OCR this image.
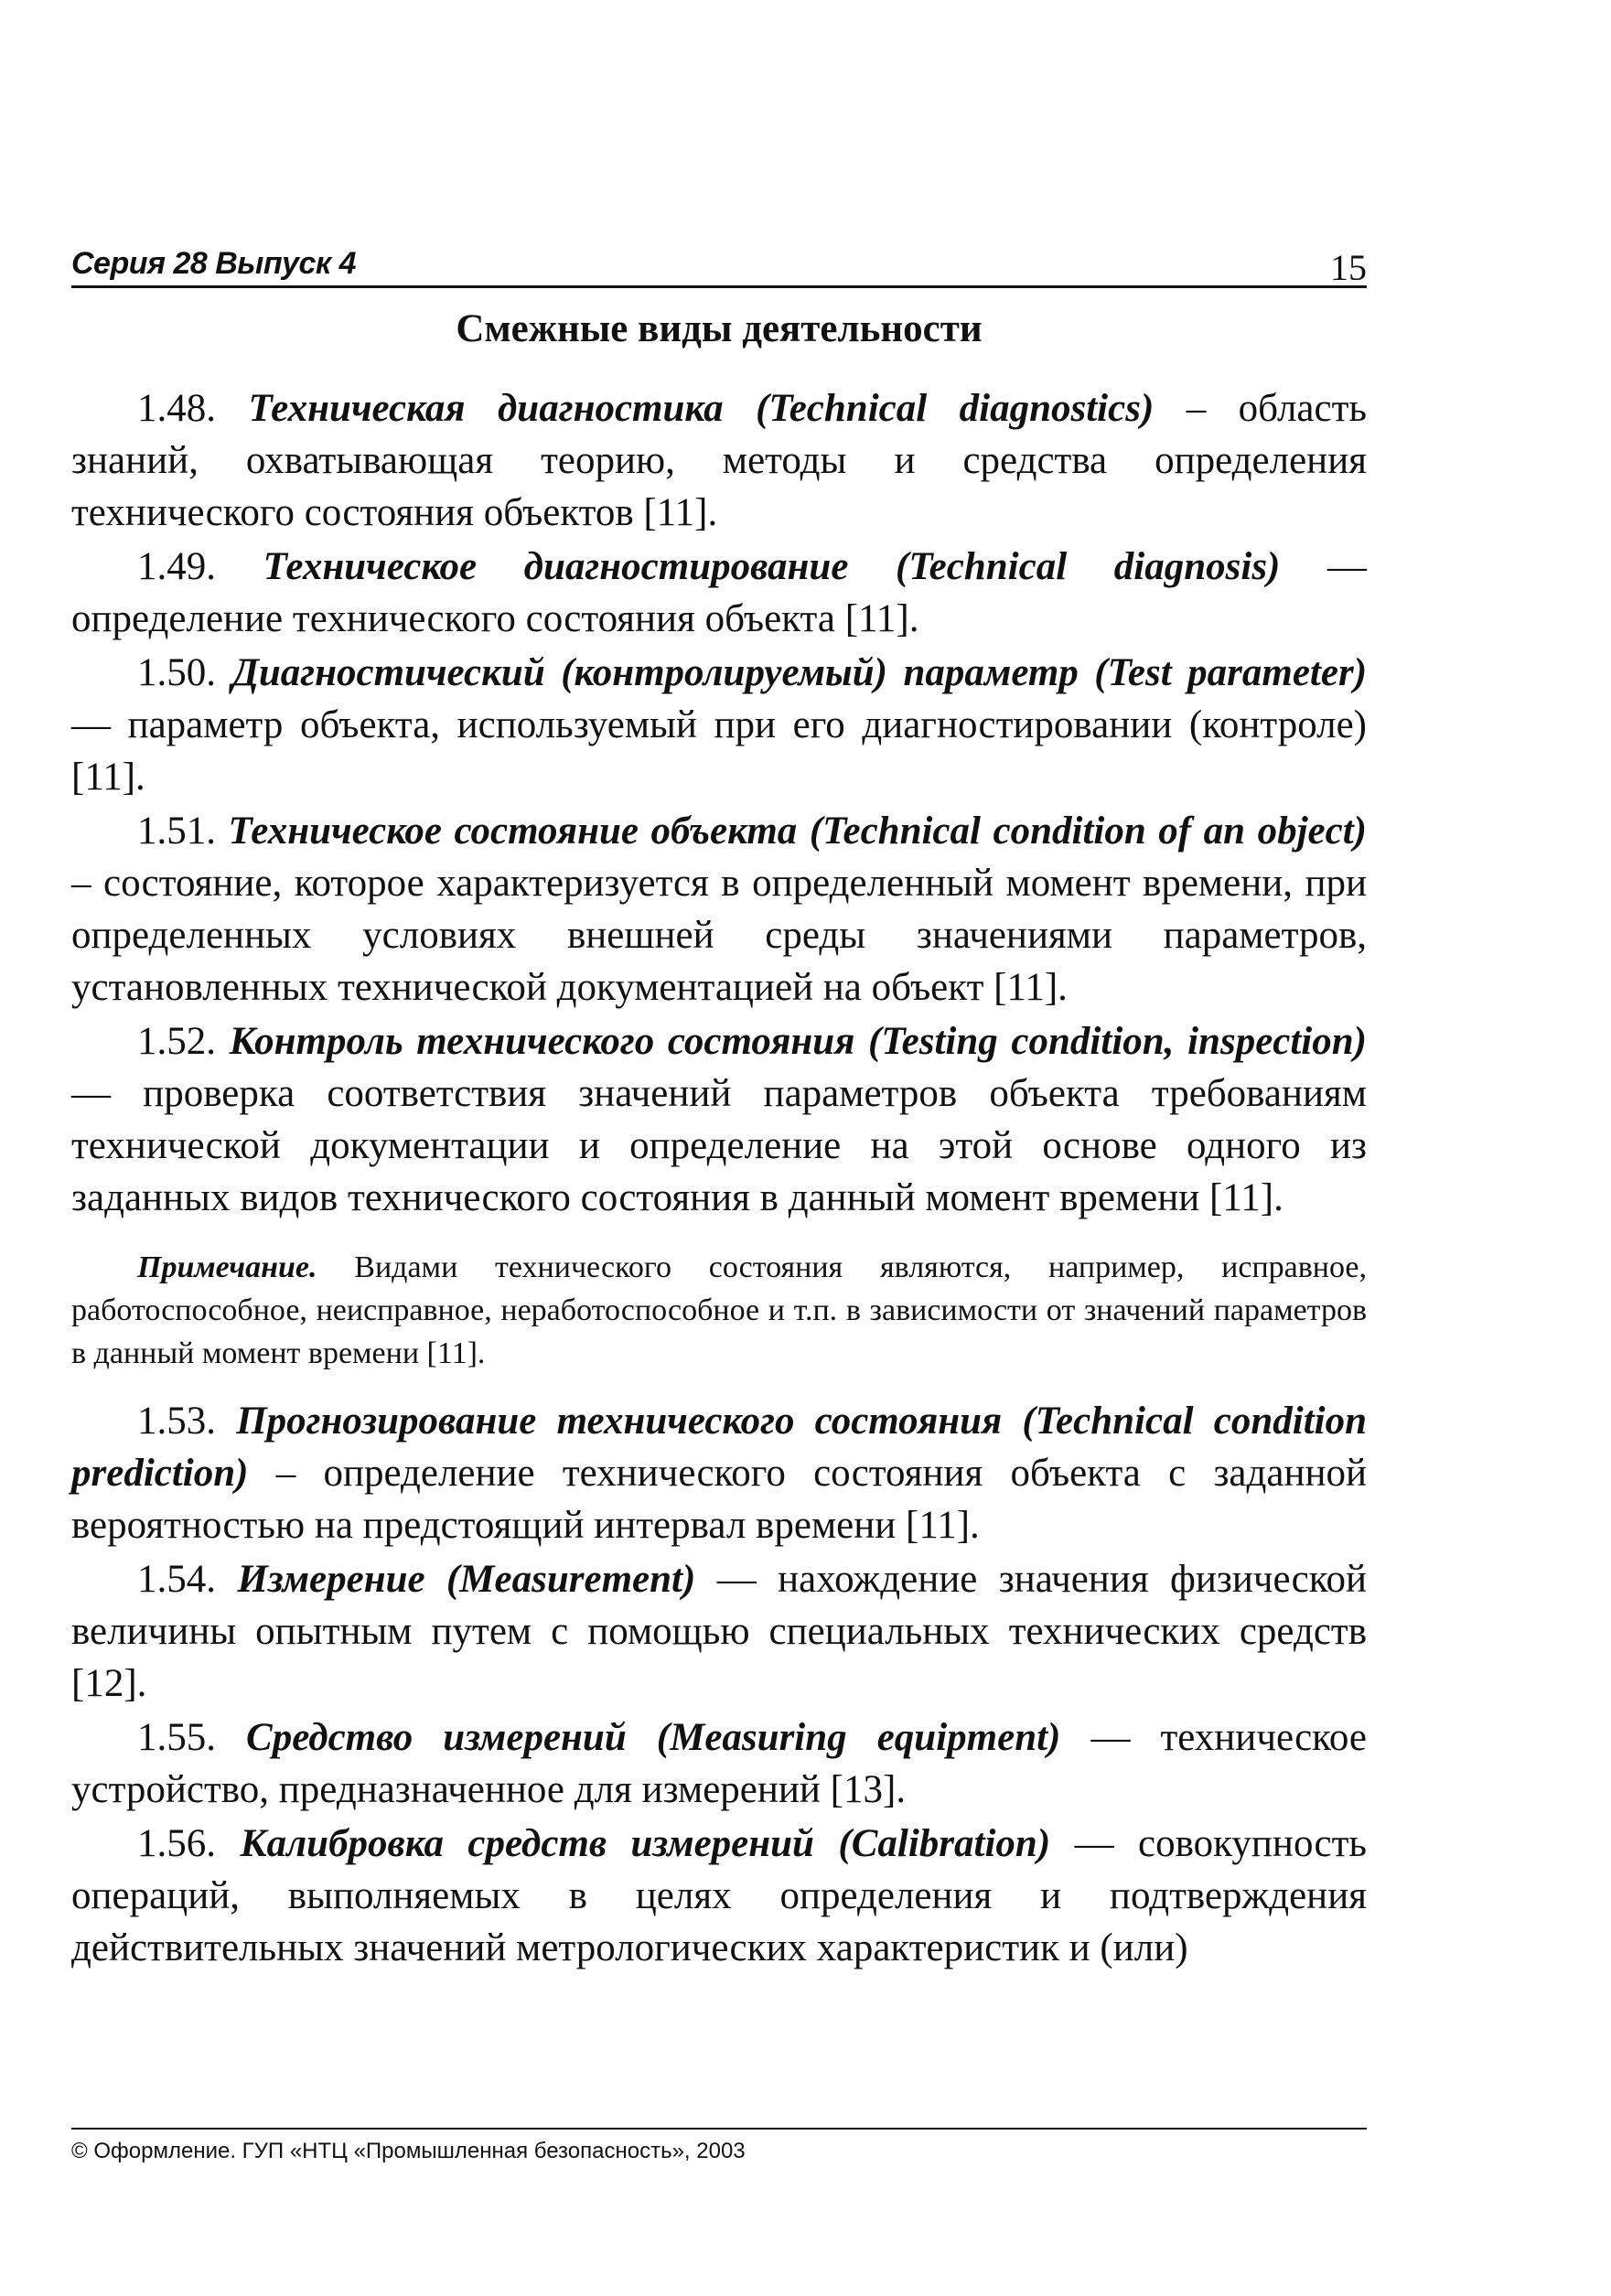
Серия 28 Выпуск 4	15
Смежные виды деятельности

1.48. Техническая диагностика (Technical diagnostics) – область знаний, охватывающая теорию, методы и средства определения технического состояния объектов [11].

1.49. Техническое диагностирование (Technical diagnosis) — определение технического состояния объекта [11].

1.50. Диагностический (контролируемый) параметр (Test parameter) — параметр объекта, используемый при его диагностировании (контроле) [11].

1.51. Техническое состояние объекта (Technical condition of an object) – состояние, которое характеризуется в определенный момент времени, при определенных условиях внешней среды значениями параметров, установленных технической документацией на объект [11].

1.52. Контроль технического состояния (Testing condition, inspection) — проверка соответствия значений параметров объекта требованиям технической документации и определение на этой основе одного из заданных видов технического состояния в данный момент времени [11].

Примечание. Видами технического состояния являются, например, исправное, работоспособное, неисправное, неработоспособное и т.п. в зависимости от значений параметров в данный момент времени [11].

1.53. Прогнозирование технического состояния (Technical condition prediction) – определение технического состояния объекта с заданной вероятностью на предстоящий интервал времени [11].

1.54. Измерение (Measurement) — нахождение значения физической величины опытным путем с помощью специальных технических средств [12].

1.55. Средство измерений (Measuring equipment) — техническое устройство, предназначенное для измерений [13].

1.56. Калибровка средств измерений (Calibration) — совокупность операций, выполняемых в целях определения и подтверждения действительных значений метрологических характеристик и (или)

© Оформление. ГУП «НТЦ «Промышленная безопасность», 2003
